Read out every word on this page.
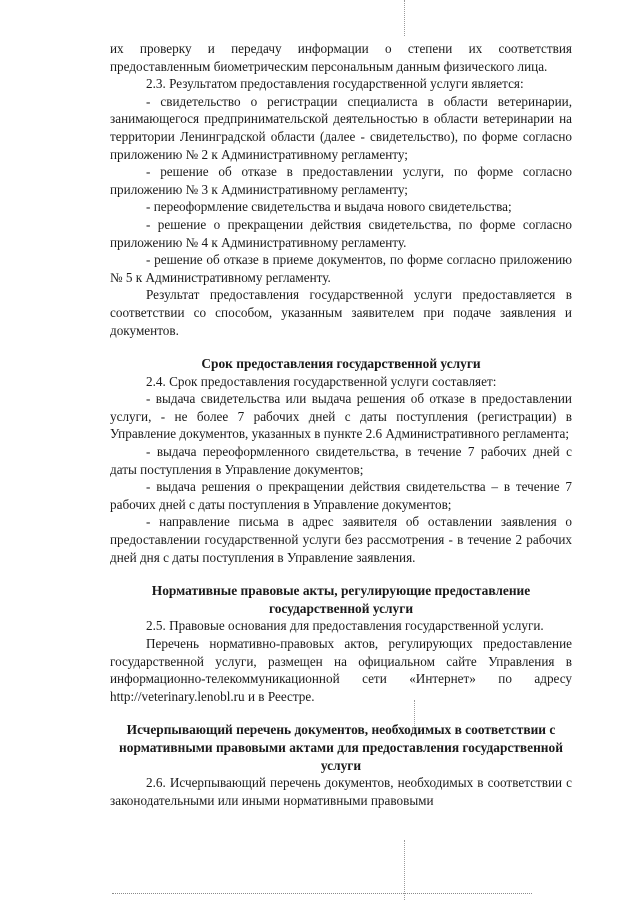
их проверку и передачу информации о степени их соответствия предоставленным биометрическим персональным данным физического лица.

2.3. Результатом предоставления государственной услуги является:

- свидетельство о регистрации специалиста в области ветеринарии, занимающегося предпринимательской деятельностью в области ветеринарии на территории Ленинградской области (далее - свидетельство), по форме согласно приложению № 2 к Административному регламенту;

- решение об отказе в предоставлении услуги, по форме согласно приложению № 3 к Административному регламенту;

- переоформление свидетельства и выдача нового свидетельства;

- решение о прекращении действия свидетельства, по форме согласно приложению № 4 к Административному регламенту.

- решение об отказе в приеме документов, по форме согласно приложению № 5 к Административному регламенту.

Результат предоставления государственной услуги предоставляется в соответствии со способом, указанным заявителем при подаче заявления и документов.

Срок предоставления государственной услуги

2.4. Срок предоставления государственной услуги составляет:

- выдача свидетельства или выдача решения об отказе в предоставлении услуги, - не более 7 рабочих дней с даты поступления (регистрации) в Управление документов, указанных в пункте 2.6 Административного регламента;

- выдача переоформленного свидетельства, в течение 7 рабочих дней с даты поступления в Управление документов;

- выдача решения о прекращении действия свидетельства – в течение 7 рабочих дней с даты поступления в Управление документов;

- направление письма в адрес заявителя об оставлении заявления о предоставлении государственной услуги без рассмотрения - в течение 2 рабочих дней дня с даты поступления в Управление заявления.

Нормативные правовые акты, регулирующие предоставление государственной услуги

2.5. Правовые основания для предоставления государственной услуги.

Перечень нормативно-правовых актов, регулирующих предоставление государственной услуги, размещен на официальном сайте Управления в информационно-телекоммуникационной сети «Интернет» по адресу http://veterinary.lenobl.ru и в Реестре.

Исчерпывающий перечень документов, необходимых в соответствии с нормативными правовыми актами для предоставления государственной услуги

2.6. Исчерпывающий перечень документов, необходимых в соответствии с законодательными или иными нормативными правовыми
